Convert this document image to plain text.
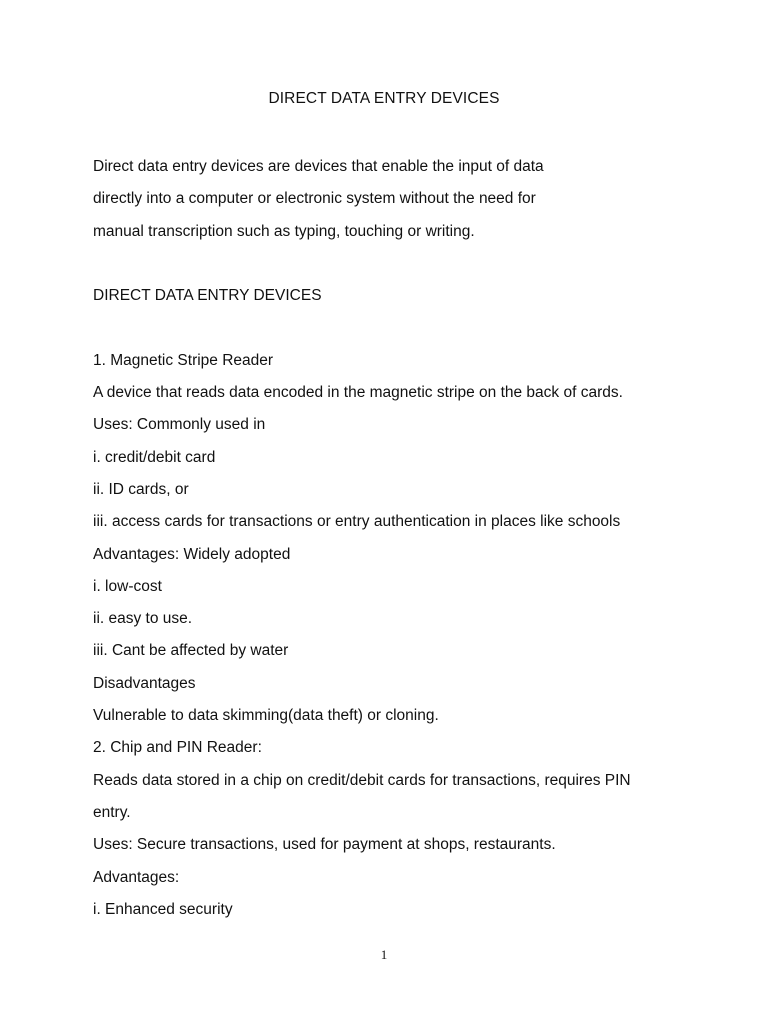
DIRECT DATA ENTRY DEVICES

Direct data entry devices are devices that enable the input of data

directly into a computer or electronic system without the need for

manual transcription such as typing, touching or writing.

DIRECT DATA ENTRY DEVICES

1. Magnetic Stripe Reader

A device that reads data encoded in the magnetic stripe on the back of cards.

Uses: Commonly used in

i. credit/debit card

ii. ID cards, or

iii. access cards for transactions or entry authentication in places like schools

Advantages: Widely adopted

i. low-cost

ii. easy to use.

iii. Cant be affected by water

Disadvantages

Vulnerable to data skimming(data theft) or cloning.

2. Chip and PIN Reader:

Reads data stored in a chip on credit/debit cards for transactions, requires PIN

entry.

Uses: Secure transactions, used for payment at shops, restaurants.

Advantages:

i. Enhanced security

1
